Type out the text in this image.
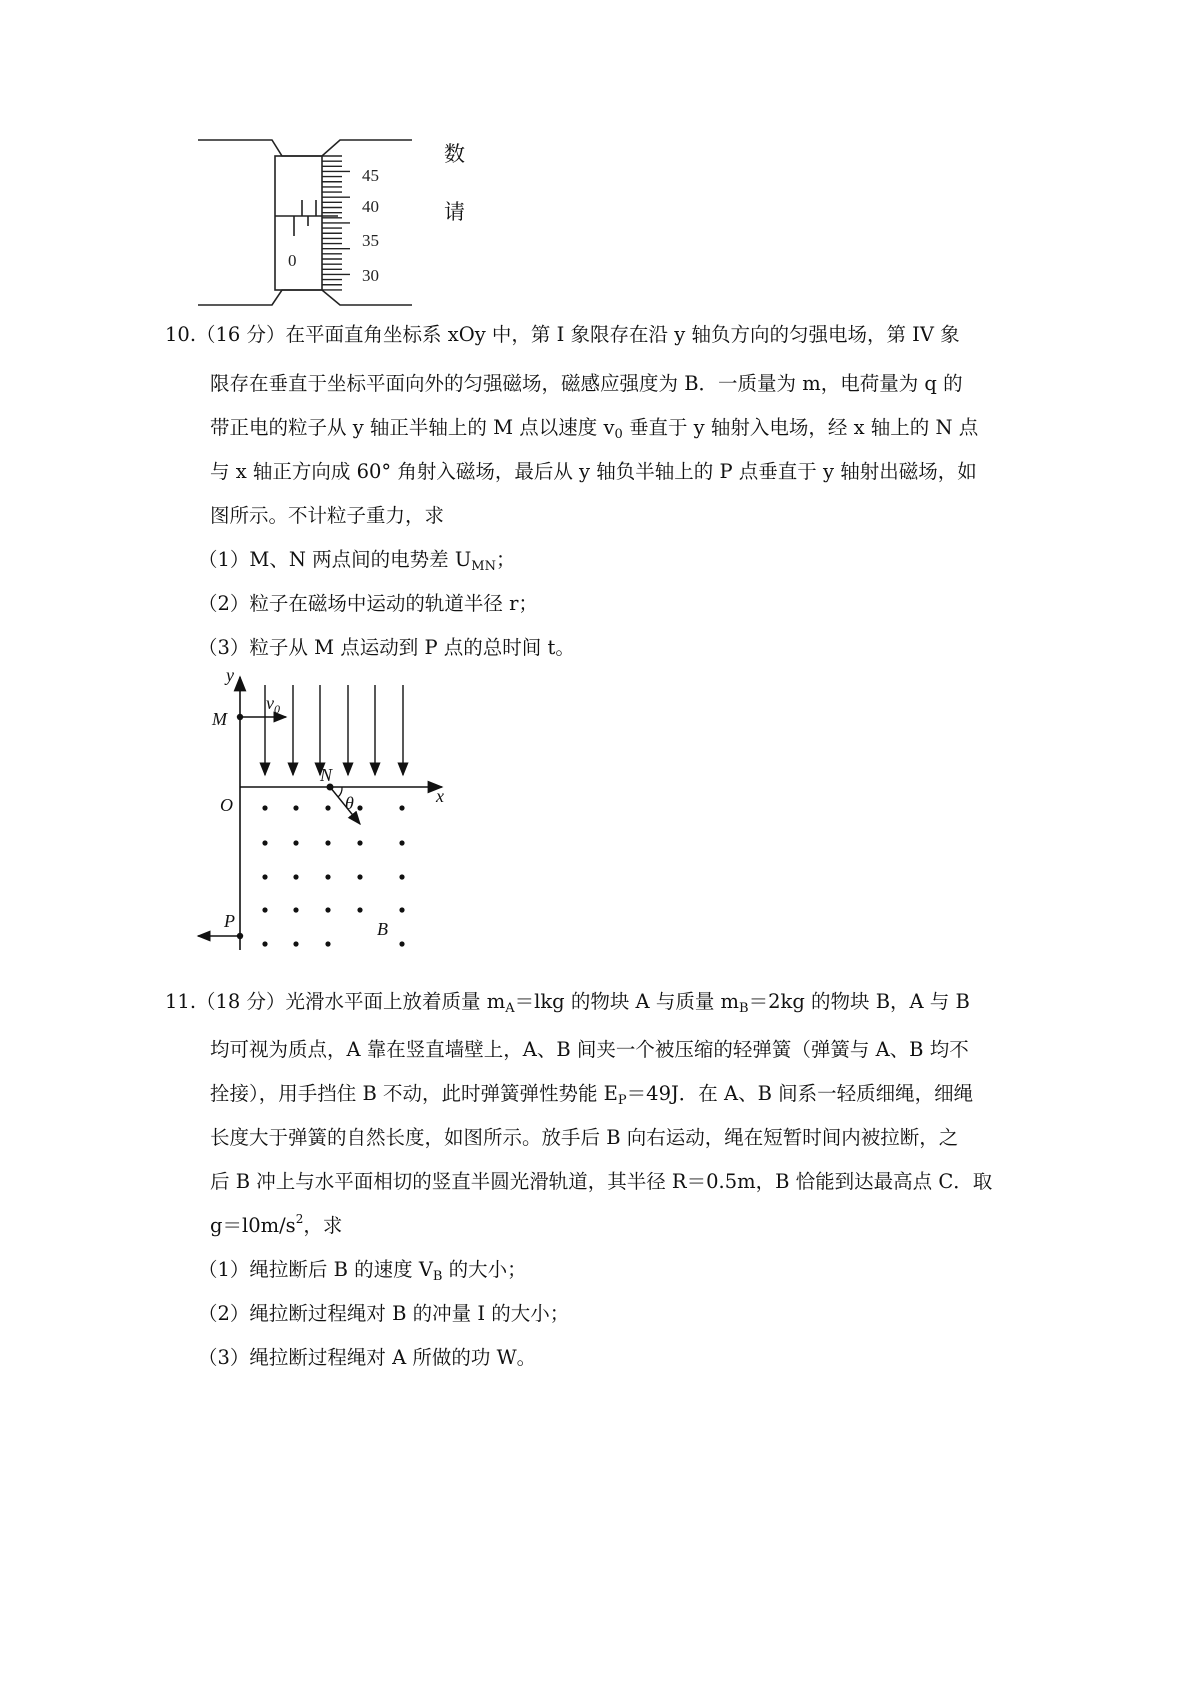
0
45
40
35
30
数
请
10.（16 分）在平面直角坐标系 xOy 中，第 I 象限存在沿 y 轴负方向的匀强电场，第 IV 象
限存在垂直于坐标平面向外的匀强磁场，磁感应强度为 B．一质量为 m，电荷量为 q 的
带正电的粒子从 y 轴正半轴上的 M 点以速度 $v_0$ 垂直于 y 轴射入电场，经 x 轴上的 N 点
与 x 轴正方向成 60° 角射入磁场，最后从 y 轴负半轴上的 P 点垂直于 y 轴射出磁场，如
图所示。不计粒子重力，求
（1）M、N 两点间的电势差 $U_{MN}$；
（2）粒子在磁场中运动的轨道半径 r；
（3）粒子从 M 点运动到 P 点的总时间 t。
y
x
M
O
N
θ
P	B
$v_0$
11.（18 分）光滑水平面上放着质量 $m_A=lkg$ 的物块 A 与质量 $m_B=2kg$ 的物块 B，A 与 B
均可视为质点，A 靠在竖直墙壁上，A、B 间夹一个被压缩的轻弹簧（弹簧与 A、B 均不
拴接），用手挡住 B 不动，此时弹簧弹性势能 $E_P=49J$．在 A、B 间系一轻质细绳，细绳
长度大于弹簧的自然长度，如图所示。放手后 B 向右运动，绳在短暂时间内被拉断，之
后 B 冲上与水平面相切的竖直半圆光滑轨道，其半径 R＝0.5m，B 恰能到达最高点 C．取
$g=l0m/s^2$，求
（1）绳拉断后 B 的速度 $V_B$ 的大小；
（2）绳拉断过程绳对 B 的冲量 I 的大小；
（3）绳拉断过程绳对 A 所做的功 W。
